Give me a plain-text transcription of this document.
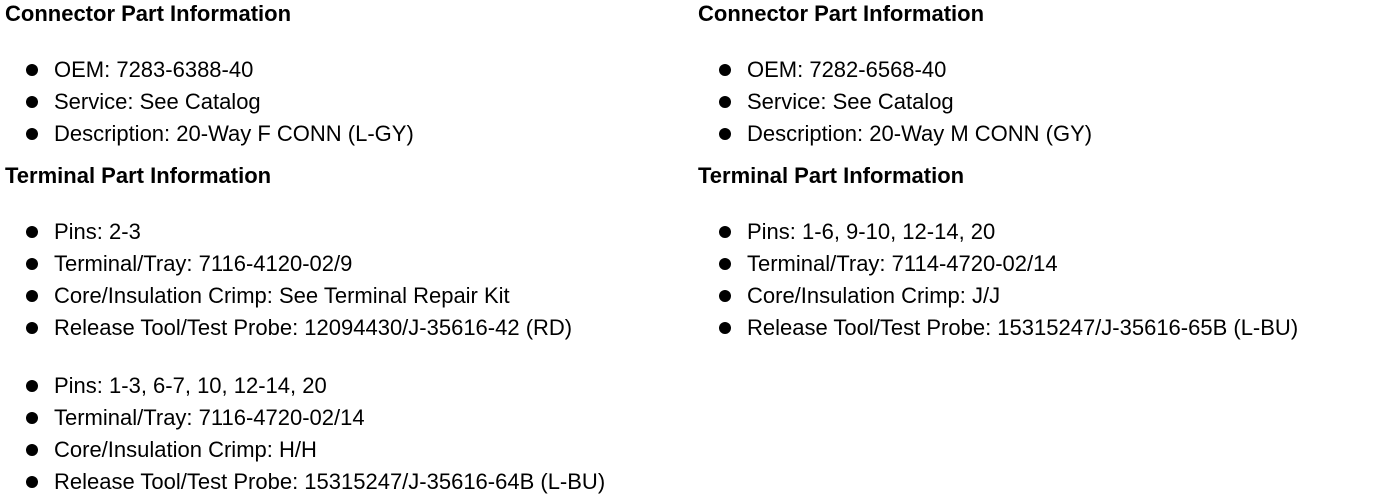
Connector Part Information
OEM: 7283-6388-40
Service: See Catalog
Description: 20-Way F CONN (L-GY)
Terminal Part Information
Pins: 2-3
Terminal/Tray: 7116-4120-02/9
Core/Insulation Crimp: See Terminal Repair Kit
Release Tool/Test Probe: 12094430/J-35616-42 (RD)
Pins: 1-3, 6-7, 10, 12-14, 20
Terminal/Tray: 7116-4720-02/14
Core/Insulation Crimp: H/H
Release Tool/Test Probe: 15315247/J-35616-64B (L-BU)
Connector Part Information
OEM: 7282-6568-40
Service: See Catalog
Description: 20-Way M CONN (GY)
Terminal Part Information
Pins: 1-6, 9-10, 12-14, 20
Terminal/Tray: 7114-4720-02/14
Core/Insulation Crimp: J/J
Release Tool/Test Probe: 15315247/J-35616-65B (L-BU)
